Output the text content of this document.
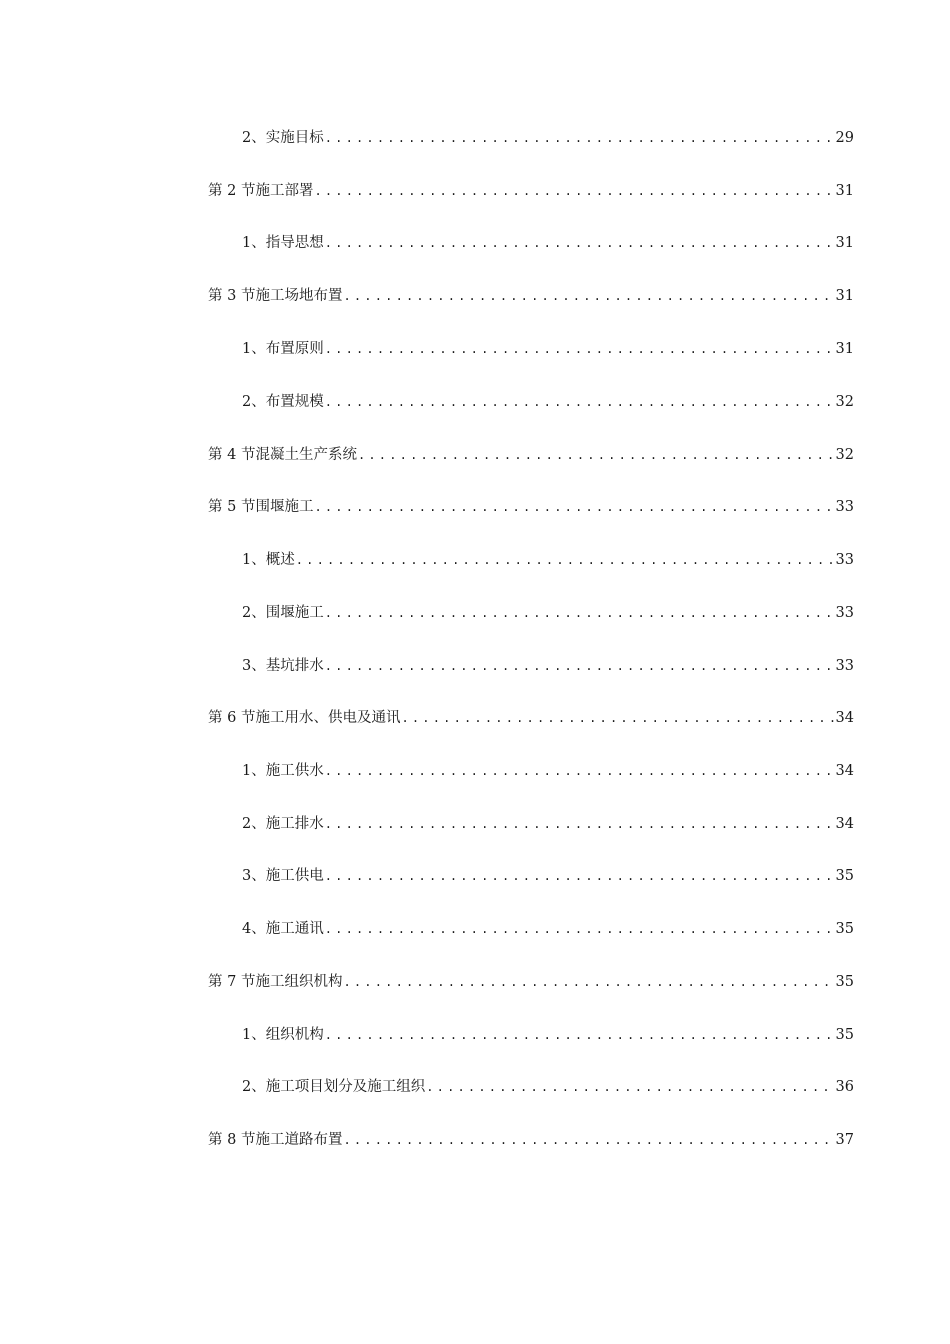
2、 实施目标 .....	29
第 2 节 施工部署 .....	31
1、 指导思想 .....	31
第 3 节 施工场地布置 .....	31
1、 布置原则 .....	31
2、 布置规模 .....	32
第 4 节 混凝土生产系统 .....	32
第 5 节 围堰施工 .....	33
1、 概述 .....	33
2、 围堰施工 .....	33
3、 基坑排水 .....	33
第 6 节 施工用水、供电及通讯 .....	34
1、 施工供水 .....	34
2、 施工排水 .....	34
3、 施工供电 .....	35
4、 施工通讯 .....	35
第 7 节 施工组织机构 .....	35
1、 组织机构 .....	35
2、 施工项目划分及施工组织 .....	36
第 8 节 施工道路布置 .....	37
